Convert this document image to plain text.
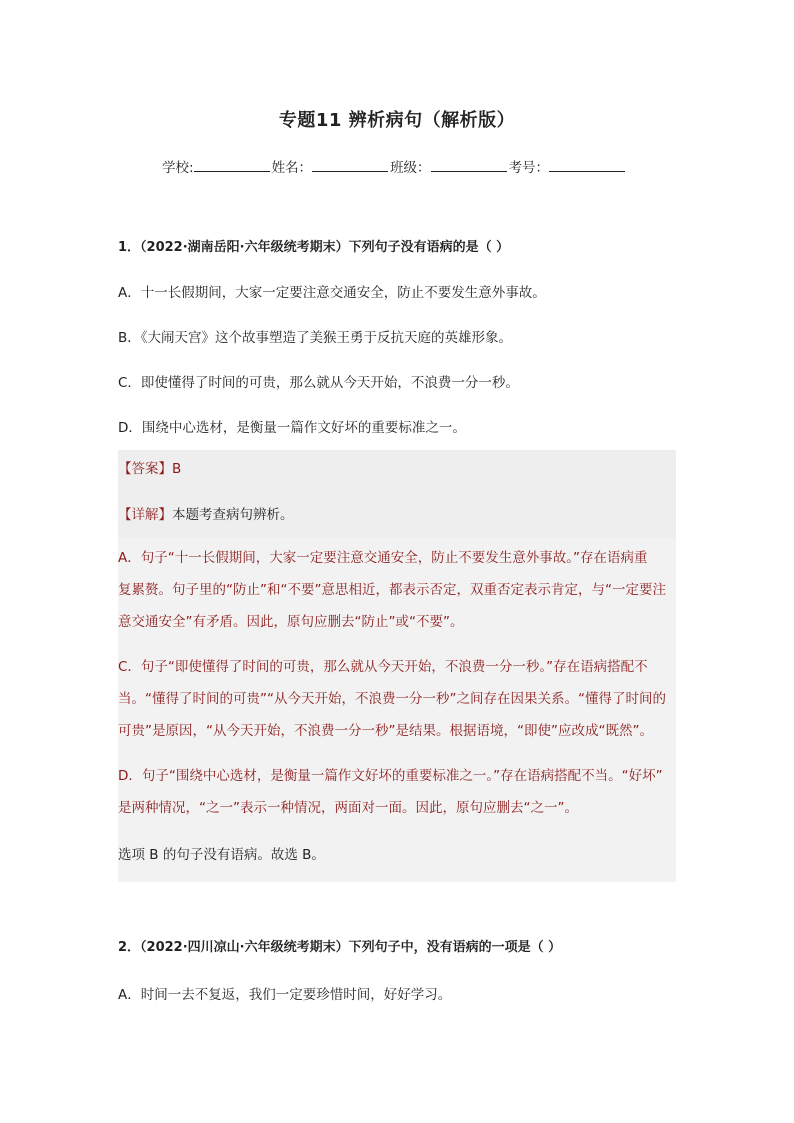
专题11 辨析病句（解析版）
学校:	姓名：	班级：	考号：
1．（2022·湖南岳阳·六年级统考期末）下列句子没有语病的是（ ）
A．十一长假期间，大家一定要注意交通安全，防止不要发生意外事故。
B．《大闹天宫》这个故事塑造了美猴王勇于反抗天庭的英雄形象。
C．即使懂得了时间的可贵，那么就从今天开始，不浪费一分一秒。
D．围绕中心选材，是衡量一篇作文好坏的重要标准之一。
【答案】B
【详解】本题考查病句辨析。
A．句子“十一长假期间，大家一定要注意交通安全，防止不要发生意外事故。”存在语病重
复累赘。句子里的“防止”和“不要”意思相近，都表示否定，双重否定表示肯定，与“一定要注
意交通安全”有矛盾。因此，原句应删去“防止”或“不要”。
C．句子“即使懂得了时间的可贵，那么就从今天开始，不浪费一分一秒。”存在语病搭配不
当。“懂得了时间的可贵”“从今天开始，不浪费一分一秒”之间存在因果关系。“懂得了时间的
可贵”是原因，“从今天开始，不浪费一分一秒”是结果。根据语境，“即使”应改成“既然”。
D．句子“围绕中心选材，是衡量一篇作文好坏的重要标准之一。”存在语病搭配不当。“好坏”
是两种情况，“之一”表示一种情况，两面对一面。因此，原句应删去“之一”。
选项 B 的句子没有语病。故选 B。
2．（2022·四川凉山·六年级统考期末）下列句子中，没有语病的一项是（ ）
A．时间一去不复返，我们一定要珍惜时间，好好学习。
